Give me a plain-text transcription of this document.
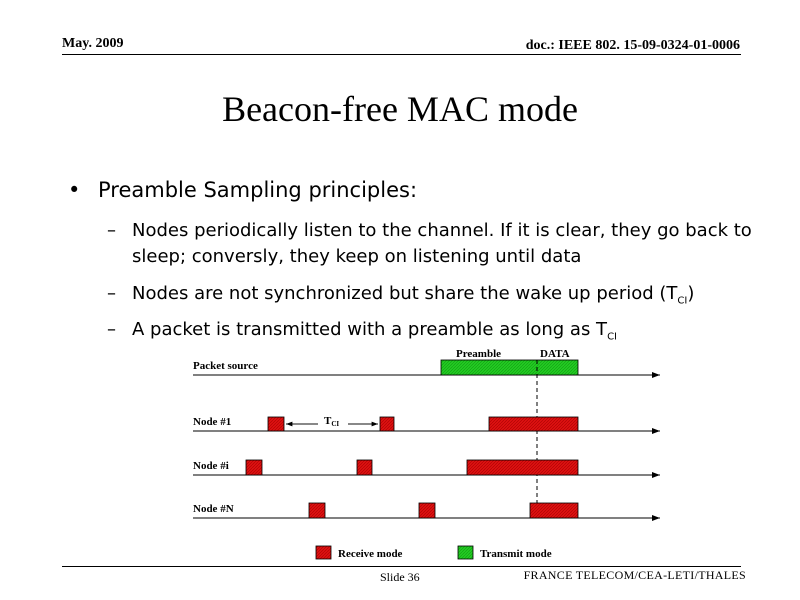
May. 2009	doc.: IEEE 802. 15-09-0324-01-0006
Beacon-free MAC mode
• Preamble Sampling principles:
– Nodes periodically listen to the channel. If it is clear, they go back to sleep; conversly, they keep on listening until data
– Nodes are not synchronized but share the wake up period $(T_{CI})$
– A packet is transmitted with a preamble as long as $T_{CI}$
Packet source
Preamble	DATA
Node #1	TCI
Node #i
Node #N
Receive mode	Transmit mode
Slide 36	FRANCE TELECOM/CEA-LETI/THALES
